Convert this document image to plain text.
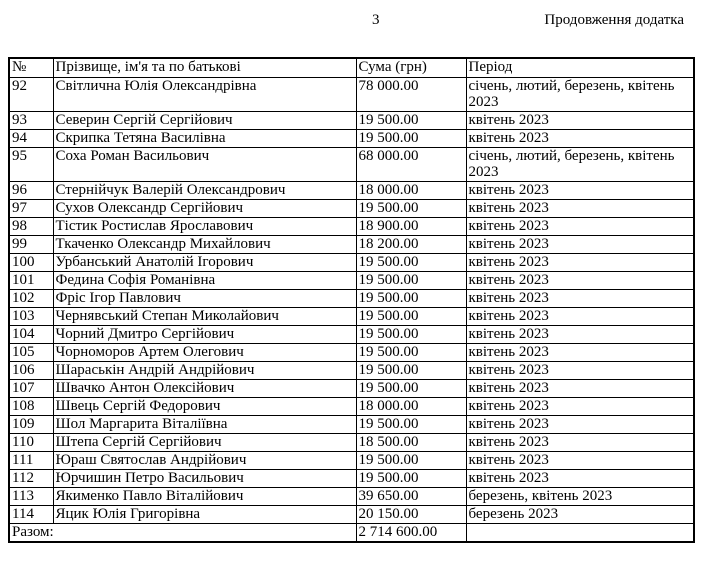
3	Продовження додатка
№	Прізвище, ім'я та по батькові	Сума (грн)	Період
92	Світлична Юлія Олександрівна	78 000.00	січень, лютий, березень, квітень 2023
93	Северин Сергій Сергійович	19 500.00	квітень 2023
94	Скрипка Тетяна Василівна	19 500.00	квітень 2023
95	Соха Роман Васильович	68 000.00	січень, лютий, березень, квітень 2023
96	Стернійчук Валерій Олександрович	18 000.00	квітень 2023
97	Сухов Олександр Сергійович	19 500.00	квітень 2023
98	Тістик Ростислав Ярославович	18 900.00	квітень 2023
99	Ткаченко Олександр Михайлович	18 200.00	квітень 2023
100	Урбанський Анатолій Ігорович	19 500.00	квітень 2023
101	Федина Софія Романівна	19 500.00	квітень 2023
102	Фріс Ігор Павлович	19 500.00	квітень 2023
103	Чернявський Степан Миколайович	19 500.00	квітень 2023
104	Чорний Дмитро Сергійович	19 500.00	квітень 2023
105	Чорноморов Артем Олегович	19 500.00	квітень 2023
106	Шараськін Андрій Андрійович	19 500.00	квітень 2023
107	Швачко Антон Олексійович	19 500.00	квітень 2023
108	Швець Сергій Федорович	18 000.00	квітень 2023
109	Шол Маргарита Віталіївна	19 500.00	квітень 2023
110	Штепа Сергій Сергійович	18 500.00	квітень 2023
111	Юраш Святослав Андрійович	19 500.00	квітень 2023
112	Юрчишин Петро Васильович	19 500.00	квітень 2023
113	Якименко Павло Віталійович	39 650.00	березень, квітень 2023
114	Яцик Юлія Григорівна	20 150.00	березень 2023
Разом:		2 714 600.00	
